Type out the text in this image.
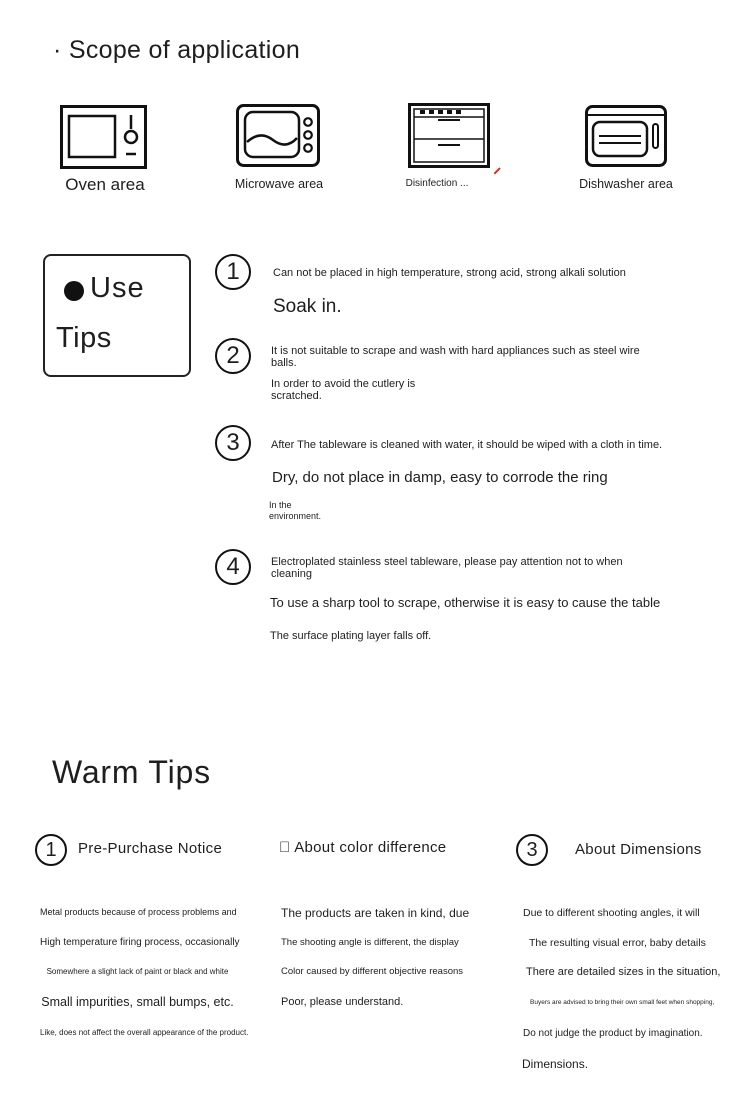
· Scope of application
Oven area	Microwave area	Disinfection ...	Dishwasher area
Use
Tips
1	Can not be placed in high temperature, strong acid, strong alkali solution
Soak in.
2	It is not suitable to scrape and wash with hard appliances such as steel wire balls.
In order to avoid the cutlery is scratched.
3	After The tableware is cleaned with water, it should be wiped with a cloth in time.
Dry, do not place in damp, easy to corrode the ring
In the environment.
4	Electroplated stainless steel tableware, please pay attention not to when cleaning
To use a sharp tool to scrape, otherwise it is easy to cause the table
The surface plating layer falls off.
Warm Tips
1	Pre-Purchase Notice
Metal products because of process problems and
High temperature firing process, occasionally
Somewhere a slight lack of paint or black and white
Small impurities, small bumps, etc.
Like, does not affect the overall appearance of the product.
  About color difference
The products are taken in kind, due
The shooting angle is different, the display
Color caused by different objective reasons
Poor, please understand.
3	About Dimensions
Due to different shooting angles, it will
The resulting visual error, baby details
There are detailed sizes in the situation,
Buyers are advised to bring their own small feet when shopping,
Do not judge the product by imagination.
Dimensions.
